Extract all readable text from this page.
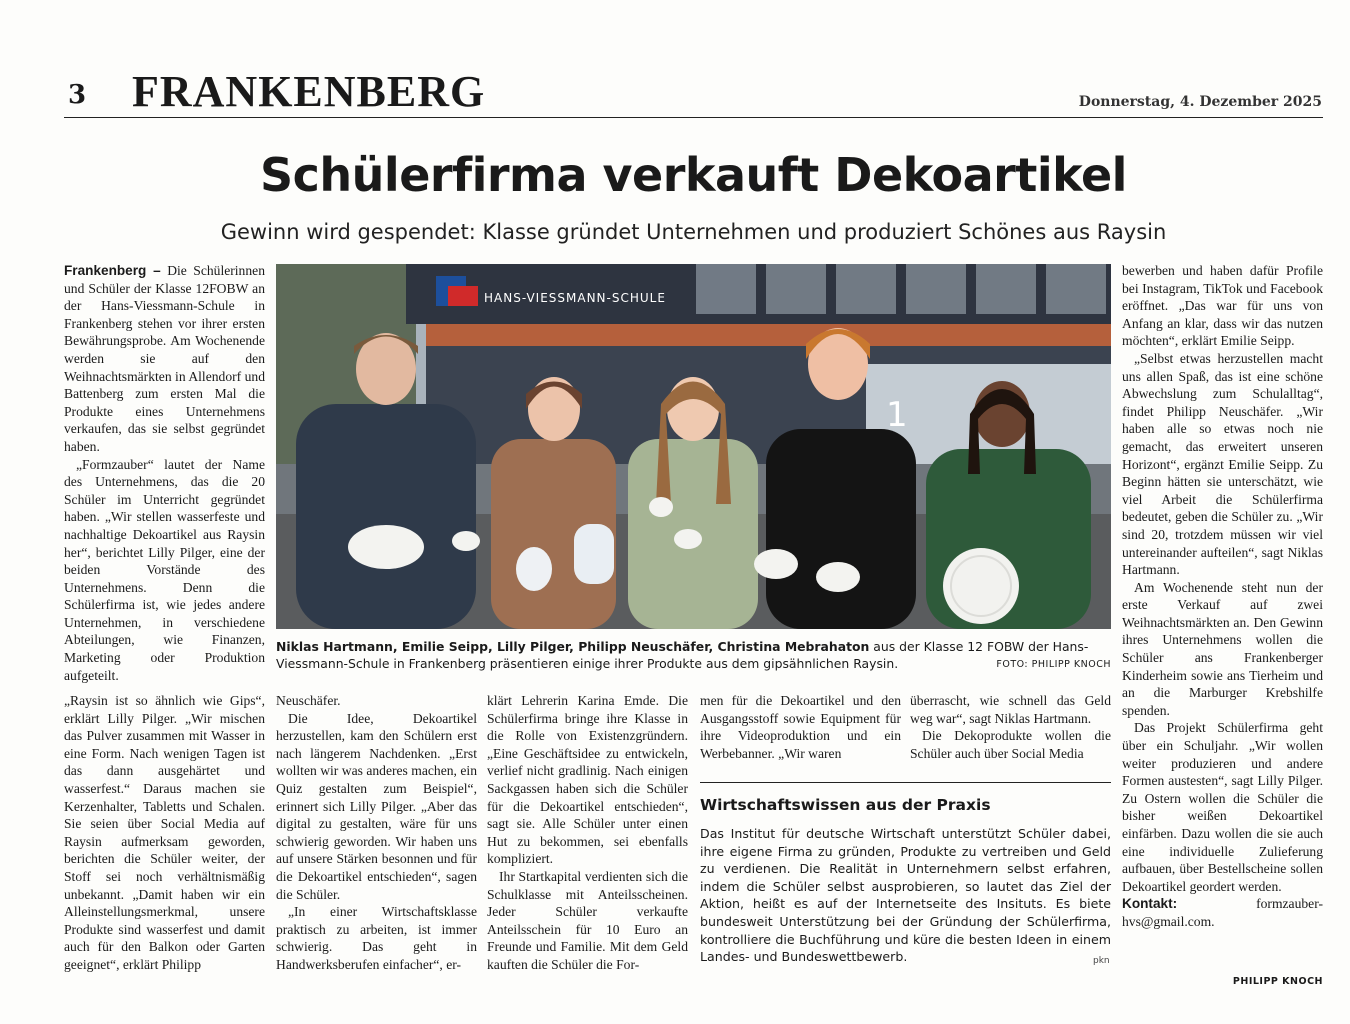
3 FRANKENBERG	Donnerstag, 4. Dezember 2025
Schülerfirma verkauft Dekoartikel
Gewinn wird gespendet: Klasse gründet Unternehmen und produziert Schönes aus Raysin

Frankenberg – Die Schülerinnen und Schüler der Klasse 12FOBW an der Hans-Viessmann-Schule in Frankenberg stehen vor ihrer ersten Bewährungsprobe. Am Wochenende werden sie auf den Weihnachtsmärkten in Allendorf und Battenberg zum ersten Mal die Produkte eines Unternehmens verkaufen, das sie selbst gegründet haben.

„Formzauber“ lautet der Name des Unternehmens, das die 20 Schüler im Unterricht gegründet haben. „Wir stellen wasserfeste und nachhaltige Dekoartikel aus Raysin her“, berichtet Lilly Pilger, eine der beiden Vorstände des Unternehmens. Denn die Schülerfirma ist, wie jedes andere Unternehmen, in verschiedene Abteilungen, wie Finanzen, Marketing oder Produktion aufgeteilt.

HANS-VIESSMANN-SCHULE
1
Niklas Hartmann, Emilie Seipp, Lilly Pilger, Philipp Neuschäfer, Christina Mebrahaton aus der Klasse 12 FOBW der Hans-Viessmann-Schule in Frankenberg präsentieren einige ihrer Produkte aus dem gipsähnlichen Raysin.	FOTO: PHILIPP KNOCH

„Raysin ist so ähnlich wie Gips“, erklärt Lilly Pilger. „Wir mischen das Pulver zusammen mit Wasser in eine Form. Nach wenigen Tagen ist das dann ausgehärtet und wasserfest.“ Daraus machen sie Kerzenhalter, Tabletts und Schalen. Sie seien über Social Media auf Raysin aufmerksam geworden, berichten die Schüler weiter, der Stoff sei noch verhältnismäßig unbekannt. „Damit haben wir ein Alleinstellungsmerkmal, unsere Produkte sind wasserfest und damit auch für den Balkon oder Garten geeignet“, erklärt Philipp

Neuschäfer.

Die Idee, Dekoartikel herzustellen, kam den Schülern erst nach längerem Nachdenken. „Erst wollten wir was anderes machen, ein Quiz gestalten zum Beispiel“, erinnert sich Lilly Pilger. „Aber das digital zu gestalten, wäre für uns schwierig geworden. Wir haben uns auf unsere Stärken besonnen und für die Dekoartikel entschieden“, sagen die Schüler.

„In einer Wirtschaftsklasse praktisch zu arbeiten, ist immer schwierig. Das geht in Handwerksberufen einfacher“, er-

klärt Lehrerin Karina Emde. Die Schülerfirma bringe ihre Klasse in die Rolle von Existenzgründern. „Eine Geschäftsidee zu entwickeln, verlief nicht gradlinig. Nach einigen Sackgassen haben sich die Schüler für die Dekoartikel entschieden“, sagt sie. Alle Schüler unter einen Hut zu bekommen, sei ebenfalls kompliziert.

Ihr Startkapital verdienten sich die Schulklasse mit Anteilsscheinen. Jeder Schüler verkaufte Anteilsschein für 10 Euro an Freunde und Familie. Mit dem Geld kauften die Schüler die For-

men für die Dekoartikel und den Ausgangsstoff sowie Equipment für ihre Videoproduktion und ein Werbebanner. „Wir waren

überrascht, wie schnell das Geld weg war“, sagt Niklas Hartmann.

Die Dekoprodukte wollen die Schüler auch über Social Media

Wirtschaftswissen aus der Praxis
Das Institut für deutsche Wirtschaft unterstützt Schüler dabei, ihre eigene Firma zu gründen, Produkte zu vertreiben und Geld zu verdienen. Die Realität in Unternehmern selbst erfahren, indem die Schüler selbst ausprobieren, so lautet das Ziel der Aktion, heißt es auf der Internetseite des Insituts. Es biete bundesweit Unterstützung bei der Gründung der Schülerfirma, kontrolliere die Buchführung und küre die besten Ideen in einem Landes- und Bundeswettbewerb.	pkn

bewerben und haben dafür Profile bei Instagram, TikTok und Facebook eröffnet. „Das war für uns von Anfang an klar, dass wir das nutzen möchten“, erklärt Emilie Seipp.

„Selbst etwas herzustellen macht uns allen Spaß, das ist eine schöne Abwechslung zum Schulalltag“, findet Philipp Neuschäfer. „Wir haben alle so etwas noch nie gemacht, das erweitert unseren Horizont“, ergänzt Emilie Seipp. Zu Beginn hätten sie unterschätzt, wie viel Arbeit die Schülerfirma bedeutet, geben die Schüler zu. „Wir sind 20, trotzdem müssen wir viel untereinander aufteilen“, sagt Niklas Hartmann.

Am Wochenende steht nun der erste Verkauf auf zwei Weihnachtsmärkten an. Den Gewinn ihres Unternehmens wollen die Schüler ans Frankenberger Kinderheim sowie ans Tierheim und an die Marburger Krebshilfe spenden.

Das Projekt Schülerfirma geht über ein Schuljahr. „Wir wollen weiter produzieren und andere Formen austesten“, sagt Lilly Pilger. Zu Ostern wollen die Schüler die bisher weißen Dekoartikel einfärben. Dazu wollen die sie auch eine individuelle Zulieferung aufbauen, über Bestellscheine sollen Dekoartikel geordert werden.

Kontakt:	formzauber-
hvs@gmail.com.
PHILIPP KNOCH
